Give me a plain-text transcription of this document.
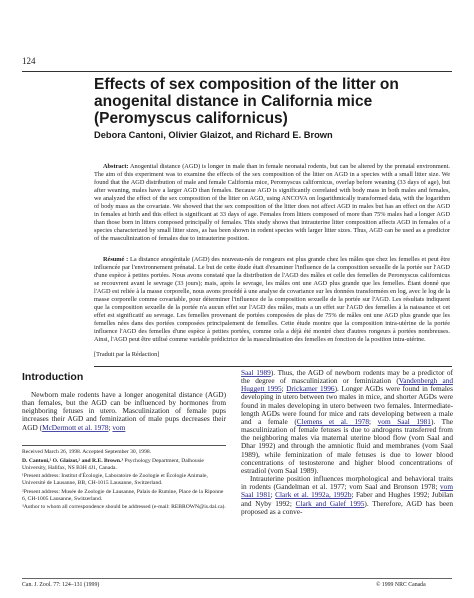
124
Effects of sex composition of the litter on
anogenital distance in California mice
(Peromyscus californicus)
Debora Cantoni, Olivier Glaizot, and Richard E. Brown

Abstract: Anogenital distance (AGD) is longer in male than in female neonatal rodents, but can be altered by the prenatal environment. The aim of this experiment was to examine the effects of the sex composition of the litter on AGD in a species with a small litter size. We found that the AGD distribution of male and female California mice, Peromyscus californicus, overlap before weaning (33 days of age), but after weaning, males have a larger AGD than females. Because AGD is significantly correlated with body mass in both males and females, we analyzed the effect of the sex composition of the litter on AGD, using ANCOVA on logarithmically transformed data, with the logarithm of body mass as the covariate. We showed that the sex composition of the litter does not affect AGD in males but has an effect on the AGD in females at birth and this effect is significant at 33 days of age. Females from litters composed of more than 75% males had a longer AGD than those born in litters composed principally of females. This study shows that intrauterine litter composition affects AGD in females of a species characterized by small litter sizes, as has been shown in rodent species with larger litter sizes. Thus, AGD can be used as a predictor of the masculinization of females due to intrauterine position.

Résumé : La distance anogénitale (AGD) des nouveau-nés de rongeurs est plus grande chez les mâles que chez les femelles et peut être influencée par l'environnement prénatal. Le but de cette étude était d'examiner l'influence de la composition sexuelle de la portée sur l'AGD d'une espèce à petites portées. Nous avons constaté que la distribution de l'AGD des mâles et celle des femelles de Peromyscus californicus se recouvrent avant le sevrage (33 jours); mais, après le sevrage, les mâles ont une AGD plus grande que les femelles. Étant donné que l'AGD est reliée à la masse corporelle, nous avons procédé à une analyse de covariance sur les données transformées en log, avec le log de la masse corporelle comme covariable, pour déterminer l'influence de la composition sexuelle de la portée sur l'AGD. Les résultats indiquent que la composition sexuelle de la portée n'a aucun effet sur l'AGD des mâles, mais a un effet sur l'AGD des femelles à la naissance et cet effet est significatif au sevrage. Les femelles provenant de portées composées de plus de 75% de mâles ont une AGD plus grande que les femelles nées dans des portées composées principalement de femelles. Cette étude montre que la composition intra-utérine de la portée influence l'AGD des femelles d'une espèce à petites portées, comme cela a déjà été montré chez d'autres rongeurs à portées nombreuses. Ainsi, l'AGD peut être utilisé comme variable prédictrice de la masculinisation des femelles en fonction de la position intra-utérine.

[Traduit par la Rédaction]
Introduction

Newborn male rodents have a longer anogenital distance (AGD) than females, but the AGD can be influenced by hormones from neighboring fetuses in utero. Masculinization of female pups increases their AGD and feminization of male pups decreases their AGD (McDermott et al. 1978; vom

Received March 26, 1998. Accepted September 30, 1998.

D. Cantoni,¹ O. Glaizot,² and R.E. Brown.³ Psychology Department, Dalhousie University, Halifax, NS B3H 4J1, Canada.

¹Present address: Institut d'Écologie, Laboratoire de Zoologie et Écologie Animale, Université de Lausanne, BB, CH-1015 Lausanne, Switzerland.

²Present address: Musée de Zoologie de Lausanne, Palais de Rumine, Place de la Riponne 6, CH-1005 Lausanne, Switzerland.

³Author to whom all correspondence should be addressed (e-mail: REBROWN@is.dal.ca).

Saal 1989). Thus, the AGD of newborn rodents may be a predictor of the degree of masculinization or feminization (Vandenbergh and Huggett 1995; Drickamer 1996). Longer AGDs were found in females developing in utero between two males in mice, and shorter AGDs were found in males developing in utero between two females. Intermediate-length AGDs were found for mice and rats developing between a male and a female (Clemens et al. 1978; vom Saal 1981). The masculinization of female fetuses is due to androgens transferred from the neighboring males via maternal uterine blood flow (vom Saal and Dhar 1992) and through the amniotic fluid and membranes (vom Saal 1989), while feminization of male fetuses is due to lower blood concentrations of testosterone and higher blood concentrations of estradiol (vom Saal 1989).

Intrauterine position influences morphological and behavioral traits in rodents (Gandelman et al. 1977; vom Saal and Bronson 1978; vom Saal 1981; Clark et al. 1992a, 1992b; Faber and Hughes 1992; Jubilan and Nyby 1992; Clark and Galef 1995). Therefore, AGD has been proposed as a conve-

Can. J. Zool. 77: 124–131 (1999)	© 1999 NRC Canada
